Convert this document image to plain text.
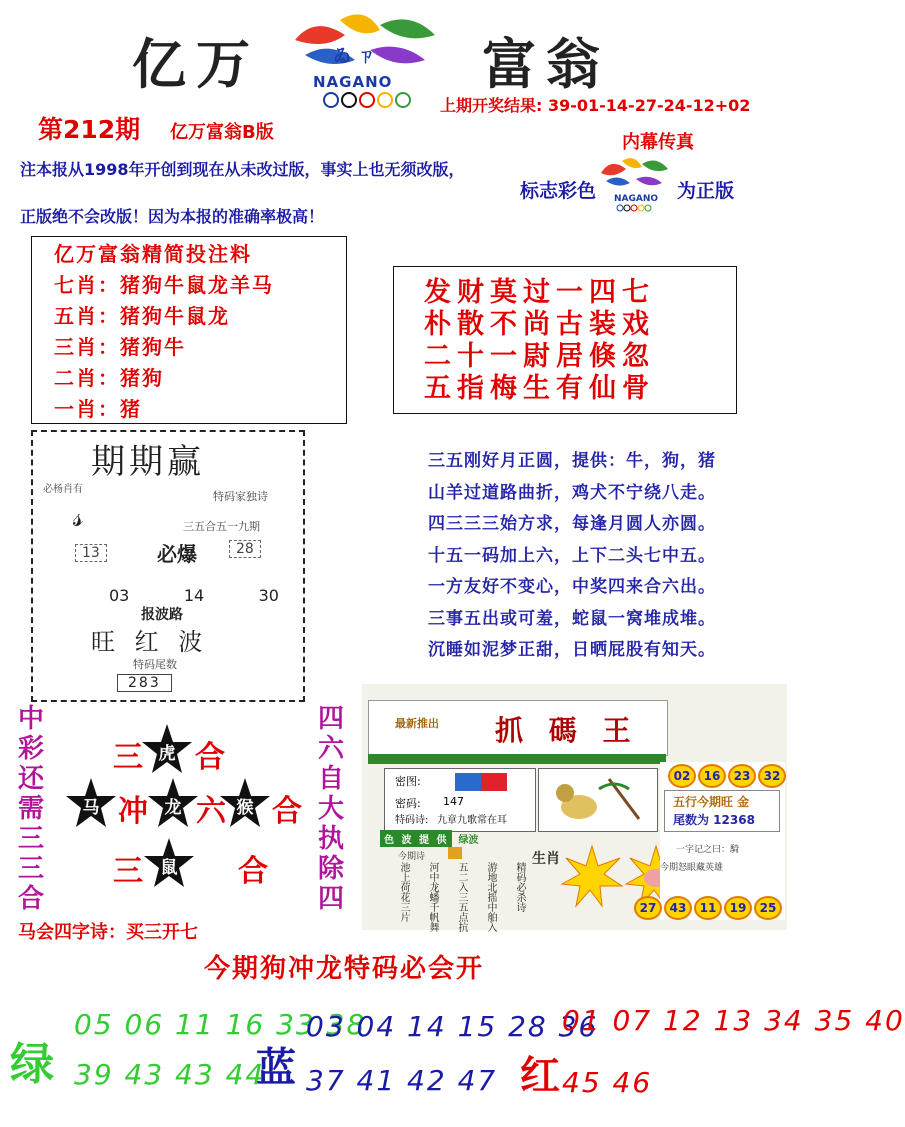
亿万	富翁
ゐ ㄗ
NAGANO
上期开奖结果: 39-01-14-27-24-12+02
第212期 亿万富翁B版	内幕传真
注本报从1998年开创到现在从未改过版，事实上也无须改版，
正版绝不会改版！因为本报的准确率极高！
标志彩色 NAGANO 为正版
亿万富翁精简投注料
七肖：猪狗牛鼠龙羊马
五肖：猪狗牛鼠龙
三肖：猪狗牛
二肖：猪狗
一肖：猪
发财莫过一四七
朴散不尚古装戏
二十一尉居倏忽
五指梅生有仙骨
期期赢
必杨肖有
特码家独诗
三五合五一九期
𝓈
13	必爆	28
03	14	30
报波路
旺 红 波
特码尾数
283
三五刚好月正圆，提供：牛，狗，猪
山羊过道路曲折，鸡犬不宁绕八走。
四三三三始方求，每逢月圆人亦圆。
十五一码加上六，上下二头七中五。
一方友好不变心，中奖四来合六出。
三事五出或可羞，蛇鼠一窝堆成堆。
沉睡如泥梦正甜，日晒屁股有知天。
中
彩
还
需
三
三
合
四
六
自
大
执
除
四
三 虎 合
马 冲 龙 六 猴 合
三	鼠	合
马会四字诗：买三开七
最新推出 抓 碼 王
密图:
密码: 147
特码诗: 九章九歌常在耳
色 波 提 供	绿波
今期诗	生肖
池上荷花三片 河中龙蟠千帆舞 五二入三五点抗 游地北摇中舶入 精码必杀诗
02	16	23	32
五行今期旺 金
尾数为 12368
一字记之曰：騎
今期怒眼藏英雄
27	43	11	19	25
今期狗冲龙特码必会开
绿
05 06 11 16 33 38
39 43 43 44
蓝
03 04 14 15 28 36
37 41 42 47 红
01 07 12 13 34 35 40
45 46
